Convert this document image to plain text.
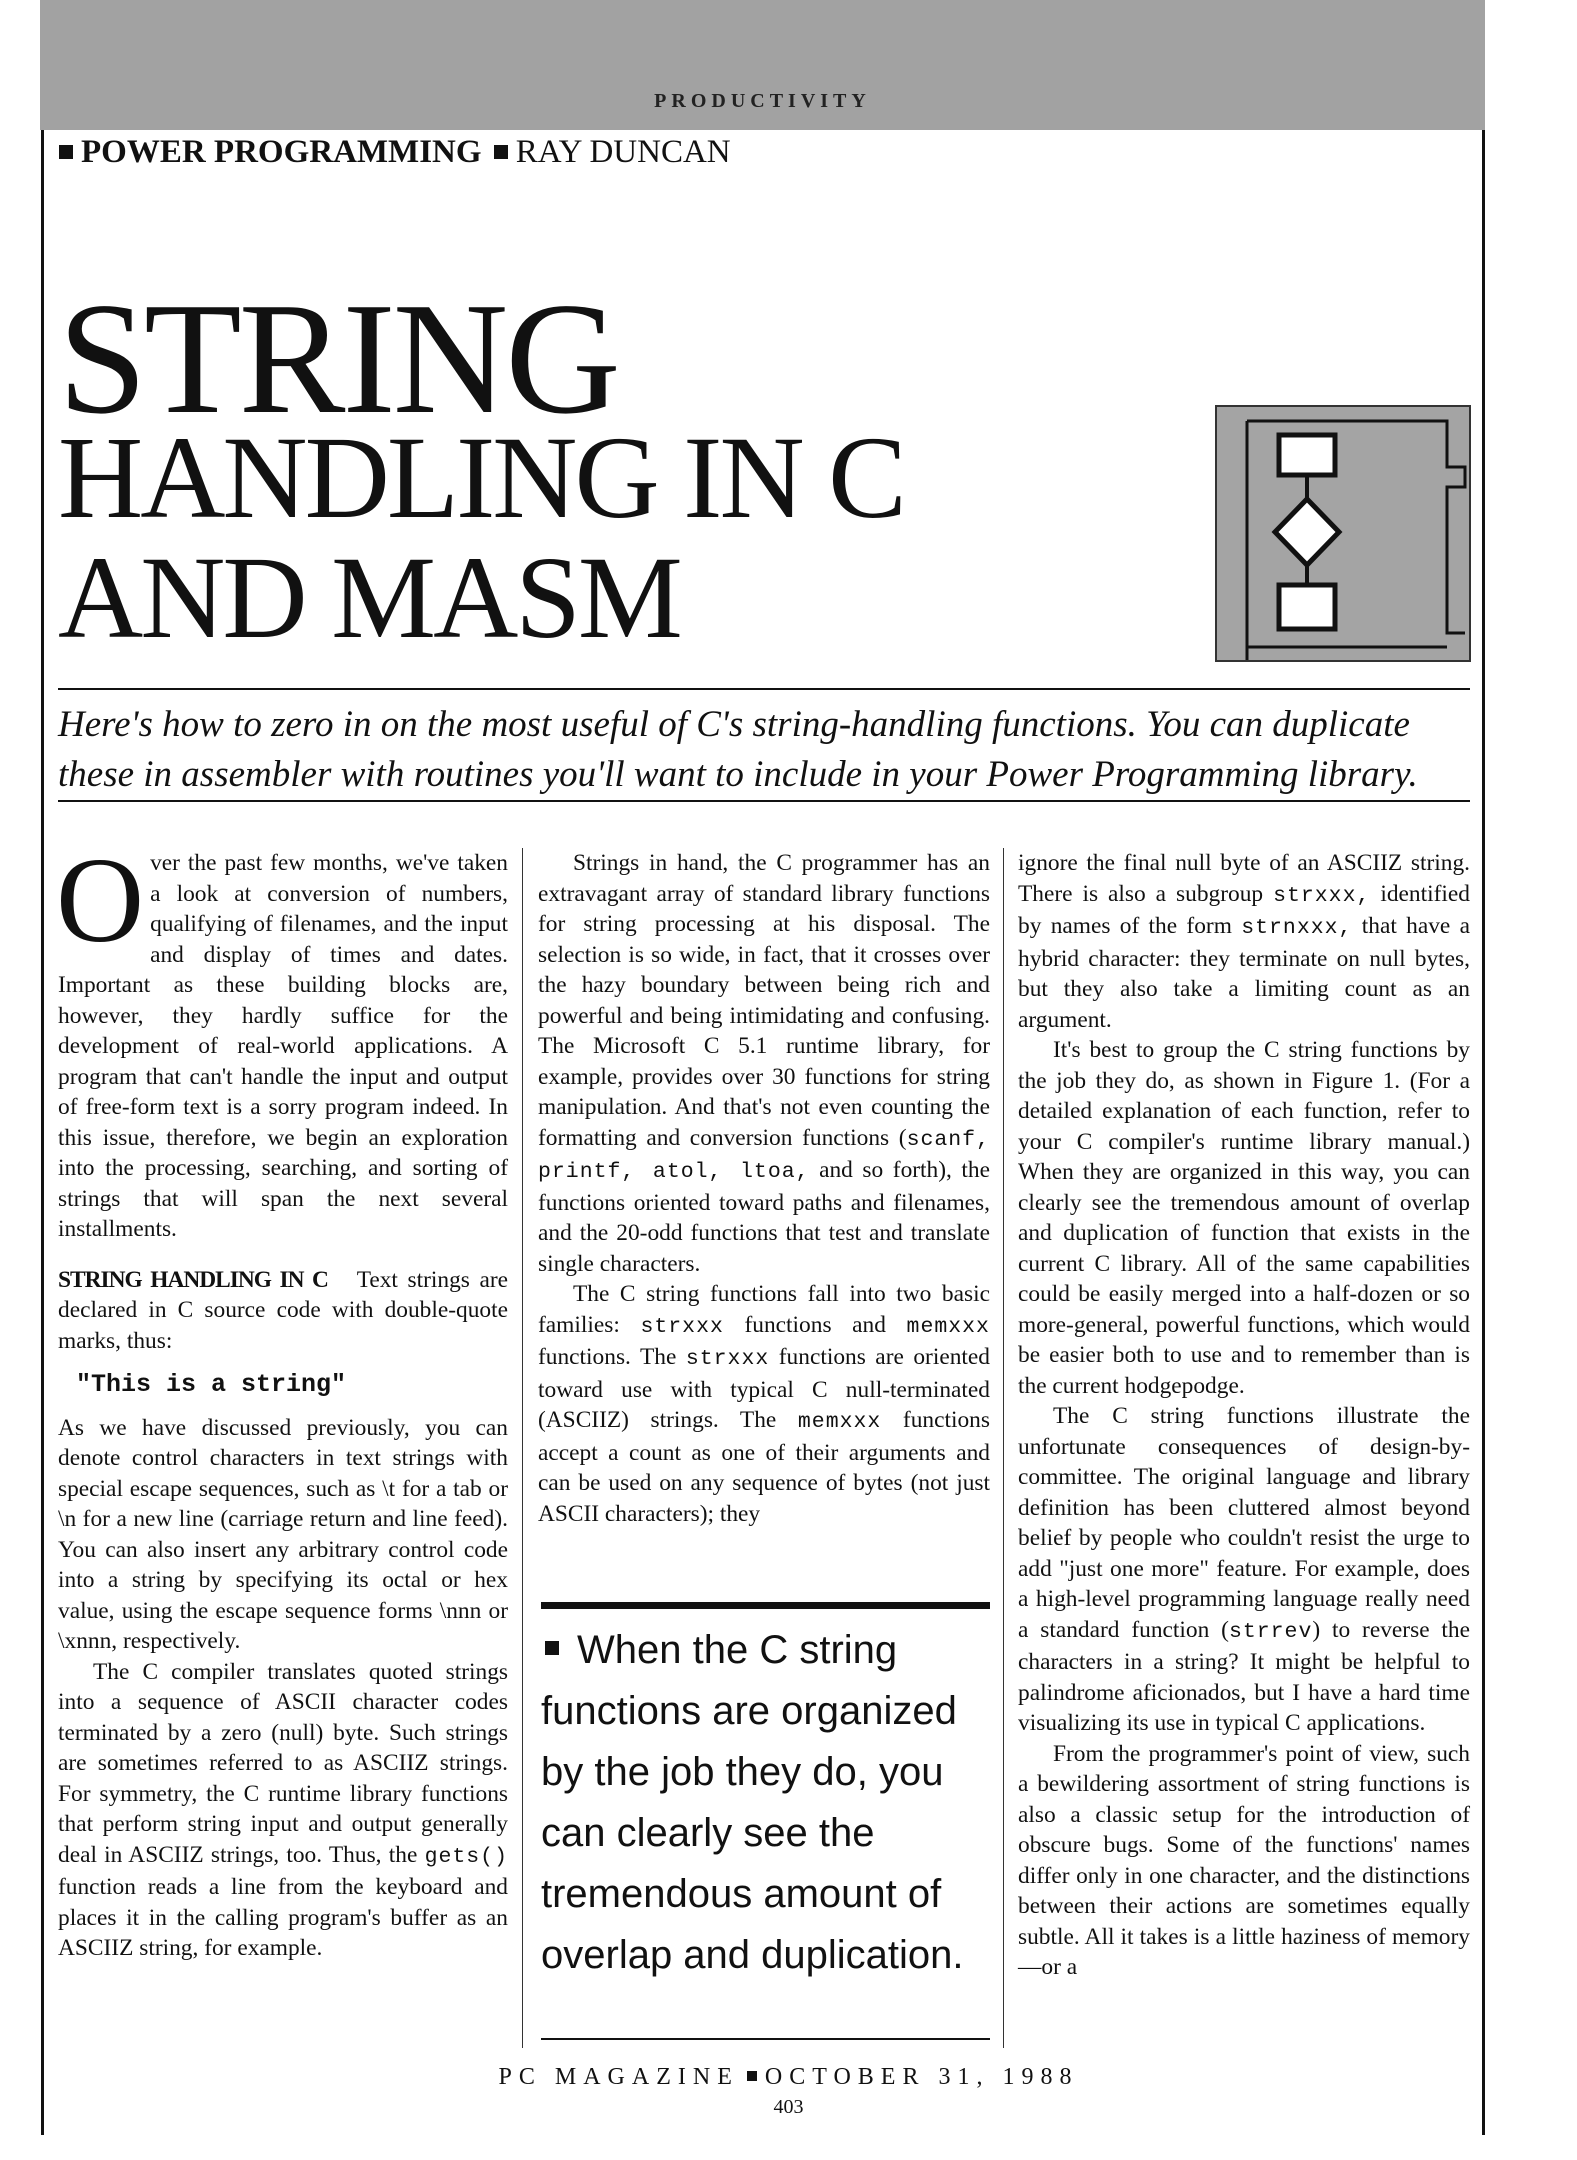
PRODUCTIVITY
POWER PROGRAMMING RAY DUNCAN
STRING
HANDLING IN C
AND MASM
Here's how to zero in on the most useful of C's string-handling functions. You can duplicate these in assembler with routines you'll want to include in your Power Programming library.

Over the past few months, we've taken a look at conversion of numbers, qualifying of filenames, and the input and display of times and dates. Important as these building blocks are, however, they hardly suffice for the development of real-world applications. A program that can't handle the input and output of free-form text is a sorry program indeed. In this issue, therefore, we begin an exploration into the processing, searching, and sorting of strings that will span the next several installments.

STRING HANDLING IN C Text strings are declared in C source code with double-quote marks, thus:

"This is a string"

As we have discussed previously, you can denote control characters in text strings with special escape sequences, such as \t for a tab or \n for a new line (carriage return and line feed). You can also insert any arbitrary control code into a string by specifying its octal or hex value, using the escape sequence forms \nnn or \xnnn, respectively.

The C compiler translates quoted strings into a sequence of ASCII character codes terminated by a zero (null) byte. Such strings are sometimes referred to as ASCIIZ strings. For symmetry, the C runtime library functions that perform string input and output generally deal in ASCIIZ strings, too. Thus, the gets() function reads a line from the keyboard and places it in the calling program's buffer as an ASCIIZ string, for example.

Strings in hand, the C programmer has an extravagant array of standard library functions for string processing at his disposal. The selection is so wide, in fact, that it crosses over the hazy boundary between being rich and powerful and being intimidating and confusing. The Microsoft C 5.1 runtime library, for example, provides over 30 functions for string manipulation. And that's not even counting the formatting and conversion functions (scanf, printf, atol, ltoa, and so forth), the functions oriented toward paths and filenames, and the 20-odd functions that test and translate single characters.

The C string functions fall into two basic families: strxxx functions and memxxx functions. The strxxx functions are oriented toward use with typical C null-terminated (ASCIIZ) strings. The memxxx functions accept a count as one of their arguments and can be used on any sequence of bytes (not just ASCII characters); they

When the C string functions are organized by the job they do, you can clearly see the tremendous amount of overlap and duplication.

ignore the final null byte of an ASCIIZ string. There is also a subgroup strxxx, identified by names of the form strnxxx, that have a hybrid character: they terminate on null bytes, but they also take a limiting count as an argument.

It's best to group the C string functions by the job they do, as shown in Figure 1. (For a detailed explanation of each function, refer to your C compiler's runtime library manual.) When they are organized in this way, you can clearly see the tremendous amount of overlap and duplication of function that exists in the current C library. All of the same capabilities could be easily merged into a half-dozen or so more-general, powerful functions, which would be easier both to use and to remember than is the current hodgepodge.

The C string functions illustrate the unfortunate consequences of design-by-committee. The original language and library definition has been cluttered almost beyond belief by people who couldn't resist the urge to add "just one more" feature. For example, does a high-level programming language really need a standard function (strrev) to reverse the characters in a string? It might be helpful to palindrome aficionados, but I have a hard time visualizing its use in typical C applications.

From the programmer's point of view, such a bewildering assortment of string functions is also a classic setup for the introduction of obscure bugs. Some of the functions' names differ only in one character, and the distinctions between their actions are sometimes equally subtle. All it takes is a little haziness of memory—or a

PC MAGAZINE OCTOBER 31, 1988
403
